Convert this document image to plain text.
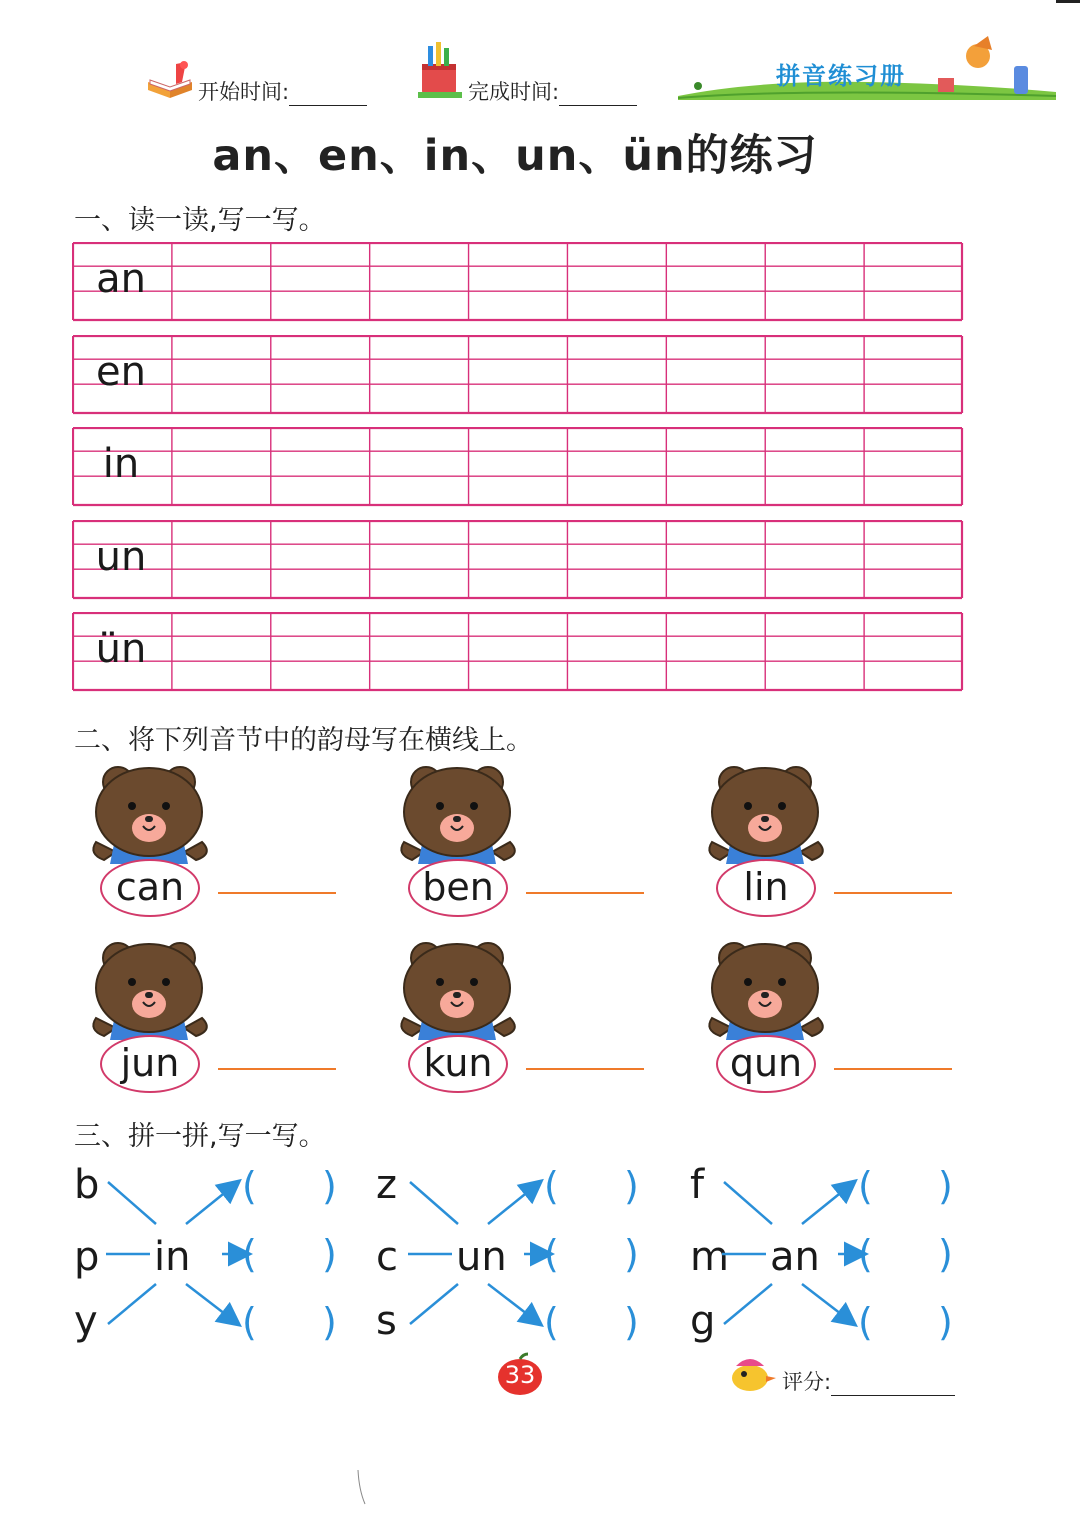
开始时间:	完成时间:
拼音练习册
an、en、in、un、ün的练习
一、读一读,写一写。
an
en
in
un
ün
二、将下列音节中的韵母写在横线上。
can	ben	lin
jun	kun	qun
三、拼一拼,写一写。
b
p
y
in
( )
( )
( )
z
c
s
un
( )
( )
( )
f
m
g
an
( )
( )
( )
33	评分:
